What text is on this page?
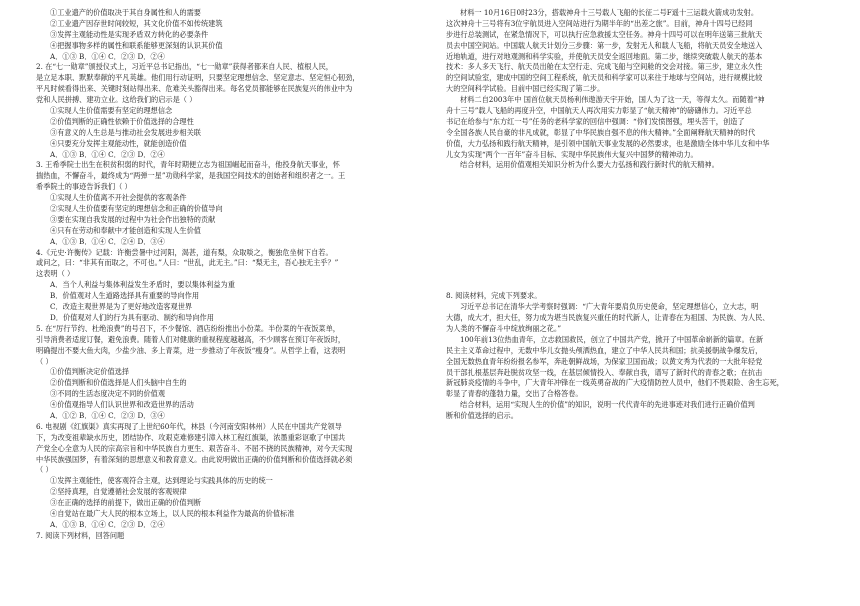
①工业遗产的价值取决于其自身属性和人的需要
②工业遗产因存世时间较短，其文化价值不如传统建筑
③发挥主观能动性是实现矛盾双方转化的必要条件
④把握事物多样的属性和联系能够更深刻的认识其价值
A．①③ B．①④ C．②③ D．②④
2. 在“七一勋章”颁授仪式上，习近平总书记指出，“七一勋章”获得者都来自人民、植根人民，
是立足本职、默默奉献的平凡英雄。他们用行动证明，只要坚定理想信念、坚定意志、坚定恒心韧劲，
平凡时候看得出来、关键时刻站得出来、危难关头豁得出来。每名党员都能够在民族复兴的伟业中为
党和人民拼搏、建功立业。这给我们的启示是（ ）
①实现人生价值需要有坚定的理想信念
②价值判断的正确性依赖于价值选择的合理性
③有意义的人生总是与推动社会发展进步相关联
④只要充分发挥主观能动性，就能创造价值
A．①③ B．①④ C．②③ D．②④
3. 王希季院士出生在积贫积弱的时代，青年时期便立志为祖国崛起而奋斗，他投身航天事业，怀
揣热血，不懈奋斗，最终成为“两弹一星”功勋科学家，是我国空间技术的创始者和组织者之一。王
希季院士的事迹告诉我们（ ）
①实现人生价值离不开社会提供的客观条件
②实现人生价值要有坚定的理想信念和正确的价值导向
③要在实现自我发展的过程中为社会作出独特的贡献
④只有在劳动和奉献中才能创造和实现人生价值
A．①③ B．①④ C．②④ D．③④
4.《元史·许衡传》记载：许衡尝暑中过河阳，渴甚，道有梨，众取啖之，衡独危坐树下自若。
或问之，曰：“非其有而取之，不可也。”人曰：“世乱，此无主。”曰：“梨无主，吾心独无主乎？”
这表明（ ）
A．当个人利益与集体利益发生矛盾时，要以集体利益为重
B．价值观对人生道路选择具有重要的导向作用
C．改造主观世界是为了更好地改造客观世界
D．价值观对人们的行为具有驱动、制约和导向作用
5. 在“厉行节约、杜绝浪费”的号召下，不少餐馆、酒店纷纷推出小份菜。半份菜的午夜饭菜单，
引导消费者适度订餐，避免浪费。随着人们对健康的重视程度越越高，不少顾客在预订年夜饭时，
明确提出不要大鱼大肉，少盐少油、多上青菜，进一步推动了年夜饭“瘦身”。从哲学上看，这表明
（ ）
①价值判断决定价值选择
②价值判断和价值选择是人们头脑中自生的
③不同的生活态度决定不同的价值观
④价值观指导人们认识世界和改造世界的活动
A．①② B．①④ C．②③ D．③④
6. 电视剧《红旗渠》真实再现了上世纪60年代，林县（今河南安阳林州）人民在中国共产党领导
下，为改变祖辈缺水历史，团结协作、攻艰克难修建引漳入林工程红旗渠，浓墨重彩讴歌了中国共
产党全心全意为人民的宗高宗旨和中华民族自力更生、艰苦奋斗、不屈不挠的民族精神，对今天实现
中华民族强国梦，有着深刻的思想意义和教育意义。由此说明做出正确的价值判断和价值选择就必须
（ ）
①发挥主观能性，使客观符合主观，达到理论与实践具体的历史的统一
②坚持真理，自觉遵循社会发展的客观规律
③在正确的选择的前提下，做出正确的价值判断
④自觉站在最广大人民的根本立场上，以人民的根本利益作为最高的价值标准
A．①③ B．①④ C．②③ D．②④
7. 阅读下列材料，回答问题
材料一 10月16日0时23分，搭载神舟十三号载人飞船的长征二号F遥十三运载火箭成功发射。
这次神舟十三号将有3位宇航员进入空间站进行为期半年的“出差之旅”。目前，神舟十四号已经同
步进行总装测试，在紧急情况下，可以执行应急救援太空任务。神舟十四号可以在明年送第三批航天
员去中国空间站。中国载人航天计划分三步骤：第一步，发射无人和载人飞船，将航天员安全地送入
近地轨道，进行对地观测和科学实验，并使航天员安全返回地面。第二步，继续突破载人航天的基本
技术：多人多天飞行、航天员出舱在太空行走、完成飞船与空间舱的交会对接。第三步，建立永久性
的空间试验室，建成中国的空间工程系统，航天员和科学家可以来往于地球与空间站，进行规模比较
大的空间科学试验。目前中国已经实现了第二步。
材料二自2003年中 国首位航天员杨利伟遨游天宇开始，国人为了这一天，等得太久。而随着“神
舟十三号”载人飞船的再度升空，中国航天人再次用实力彰显了“航天精神”的磅礴伟力。习近平总
书记在给参与“东方红一号”任务的老科学家的回信中强调：“你们发愤图强，埋头苦干，创造了
令全国各族人民自豪的非凡成就，彰显了中华民族自强不息的伟大精神。”全面阐释航天精神的时代
价值，大力弘扬和践行航天精神，是引领中国航天事业发展的必然要求，也是激励全体中华儿女和中华
儿女为实现“两个一百年”奋斗目标、实现中华民族伟大复兴中国梦的精神动力。
结合材料，运用价值观相关知识分析为什么要大力弘扬和践行新时代的航天精神。
8. 阅读材料，完成下列要求。
习近平总书记在清华大学考察时强调：“广大青年要肩负历史使命，坚定理想信心，立大志，明
大德，成大才，担大任，努力成为堪当民族复兴重任的时代新人，让青春在为祖国、为民族、为人民、
为人类的不懈奋斗中绽放绚丽之花。”
100年前13位热血青年，立志救国救民，创立了中国共产党，掀开了中国革命崭新的篇章。在新
民主主义革命过程中，无数中华儿女抛头颅洒热血，建立了中华人民共和国；抗美援朝战争爆发后，
全国无数热血青年纷纷报名参军，奔赴朝鲜战场，为保家卫国而战；以黄文秀为代表的一大批年轻党
员干部扎根基层奔赴脱贫攻坚一线，在基层倾情投入、奉献自我，谱写了新时代的青春之歌；在抗击
新冠肺炎疫情的斗争中，广大青年冲锋在一线英勇奋战的广大疫情防控人员中，他们不畏艰险、舍生忘死，
彰显了青春的蓬勃力量，交出了合格答卷。
结合材料，运用“实现人生的价值”的知识，说明一代代青年的先进事迹对我们进行正确价值判
断和价值选择的启示。
